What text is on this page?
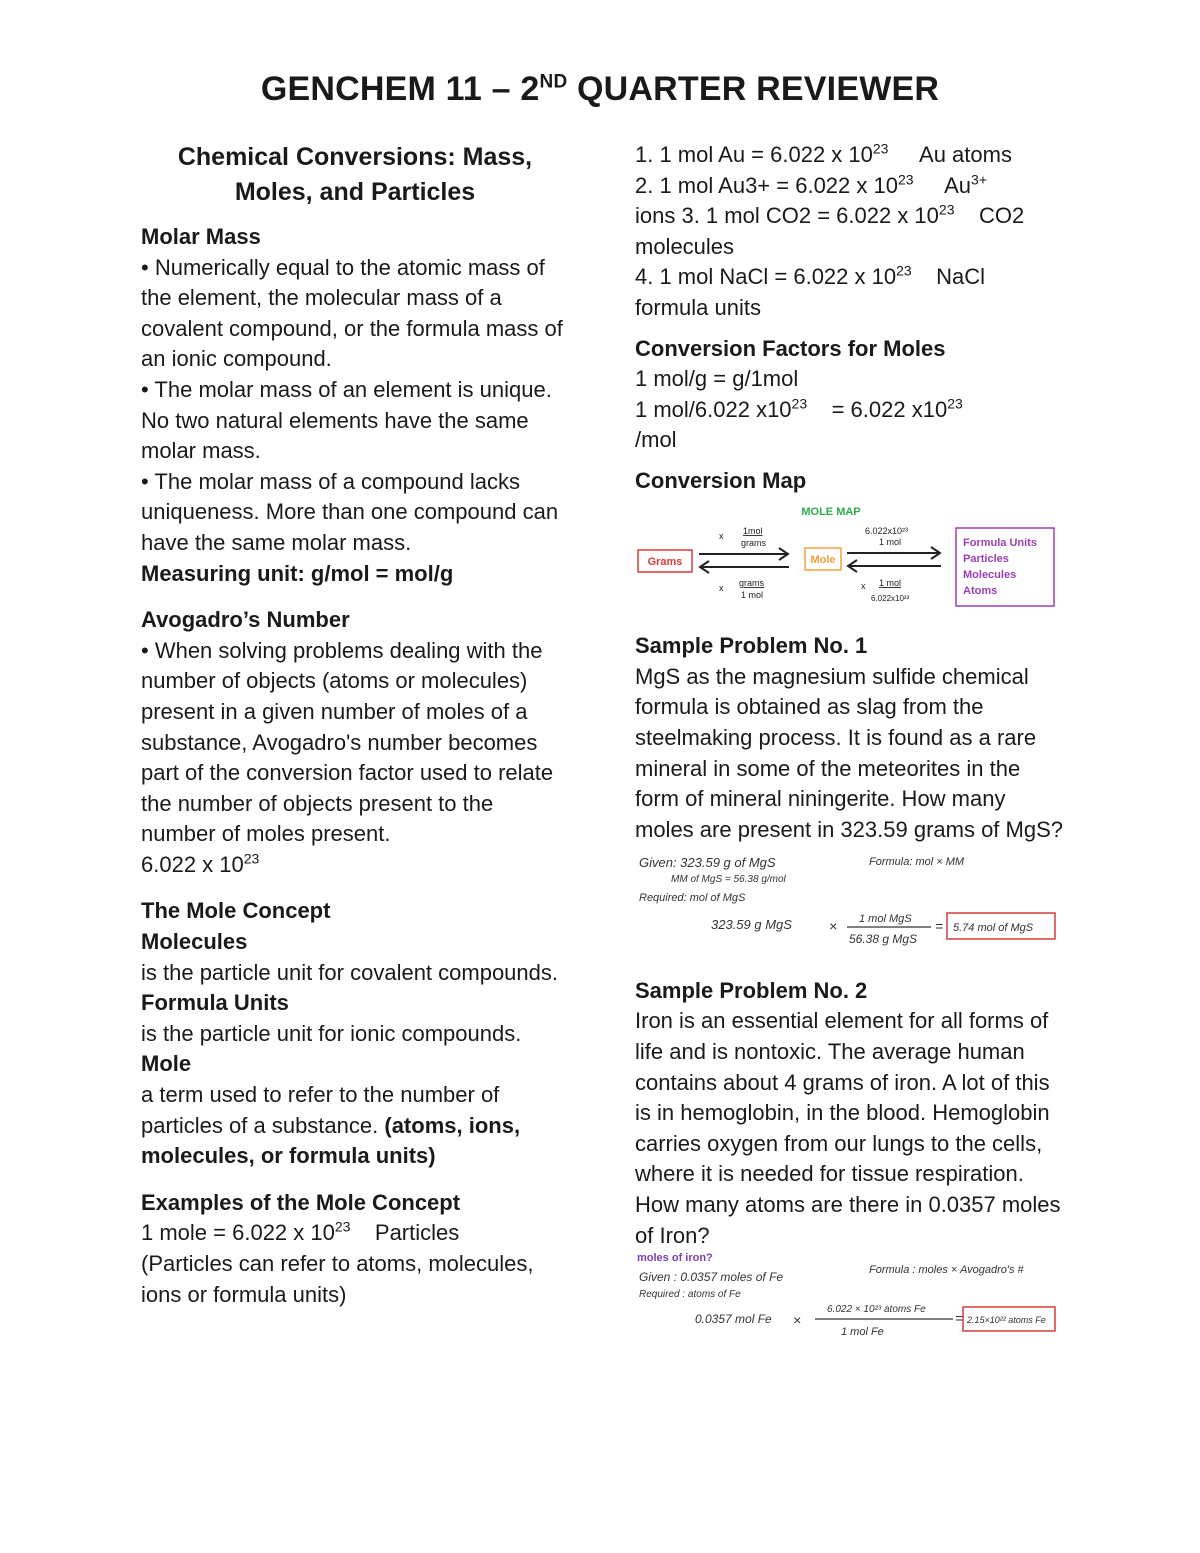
GENCHEM 11 – 2ND QUARTER REVIEWER
Chemical Conversions: Mass,
Moles, and Particles

Molar Mass

• Numerically equal to the atomic mass of the element, the molecular mass of a covalent compound, or the formula mass of an ionic compound.

• The molar mass of an element is unique. No two natural elements have the same molar mass.

• The molar mass of a compound lacks uniqueness. More than one compound can have the same molar mass.

Measuring unit: g/mol = mol/g

Avogadro’s Number

• When solving problems dealing with the number of objects (atoms or molecules) present in a given number of moles of a substance, Avogadro's number becomes part of the conversion factor used to relate the number of objects present to the number of moles present.

6.022 x $10^{23}$

The Mole Concept

Molecules

is the particle unit for covalent compounds.

Formula Units

is the particle unit for ionic compounds.

Mole

a term used to refer to the number of particles of a substance. (atoms, ions, molecules, or formula units)

Examples of the Mole Concept

1 mole = 6.022 x $10^{23}$ Particles

(Particles can refer to atoms, molecules, ions or formula units)

1. 1 mol Au = 6.022 x $10^{23}$ Au atoms

2. 1 mol Au3+ = 6.022 x $10^{23}$ $Au^{3+}$

ions 3. 1 mol CO2 = 6.022 x $10^{23}$ CO2

molecules

4. 1 mol NaCl = 6.022 x $10^{23}$ NaCl

formula units

Conversion Factors for Moles

1 mol/g = g/1mol

1 mol/6.022 $x10^{23} = 6.022$ $x10^{23}$

/mol

Conversion Map

MOLE MAP
Grams	Mole
Formula Units
Particles
Molecules
Atoms
x 1mol
grams
x grams
1 mol
6.022x10²³
1 mol
x 1 mol
6.022x10²³

Sample Problem No. 1

MgS as the magnesium sulfide chemical formula is obtained as slag from the steelmaking process. It is found as a rare mineral in some of the meteorites in the form of mineral niningerite. How many moles are present in 323.59 grams of MgS?

Given: 323.59 g of MgS
MM of MgS = 56.38 g/mol
Required: mol of MgS
Formula: mol × MM
323.59 g MgS	× 1 mol MgS
56.38 g MgS
= 5.74 mol of MgS

Sample Problem No. 2

Iron is an essential element for all forms of life and is nontoxic. The average human contains about 4 grams of iron. A lot of this is in hemoglobin, in the blood. Hemoglobin carries oxygen from our lungs to the cells, where it is needed for tissue respiration. How many atoms are there in 0.0357 moles of Iron?

moles of iron?
Given : 0.0357 moles of Fe
Required : atoms of Fe
Formula : moles × Avogadro's #
0.0357 mol Fe ×
6.022 × 10²³ atoms Fe
1 mol Fe
= 2.15×10²² atoms Fe
